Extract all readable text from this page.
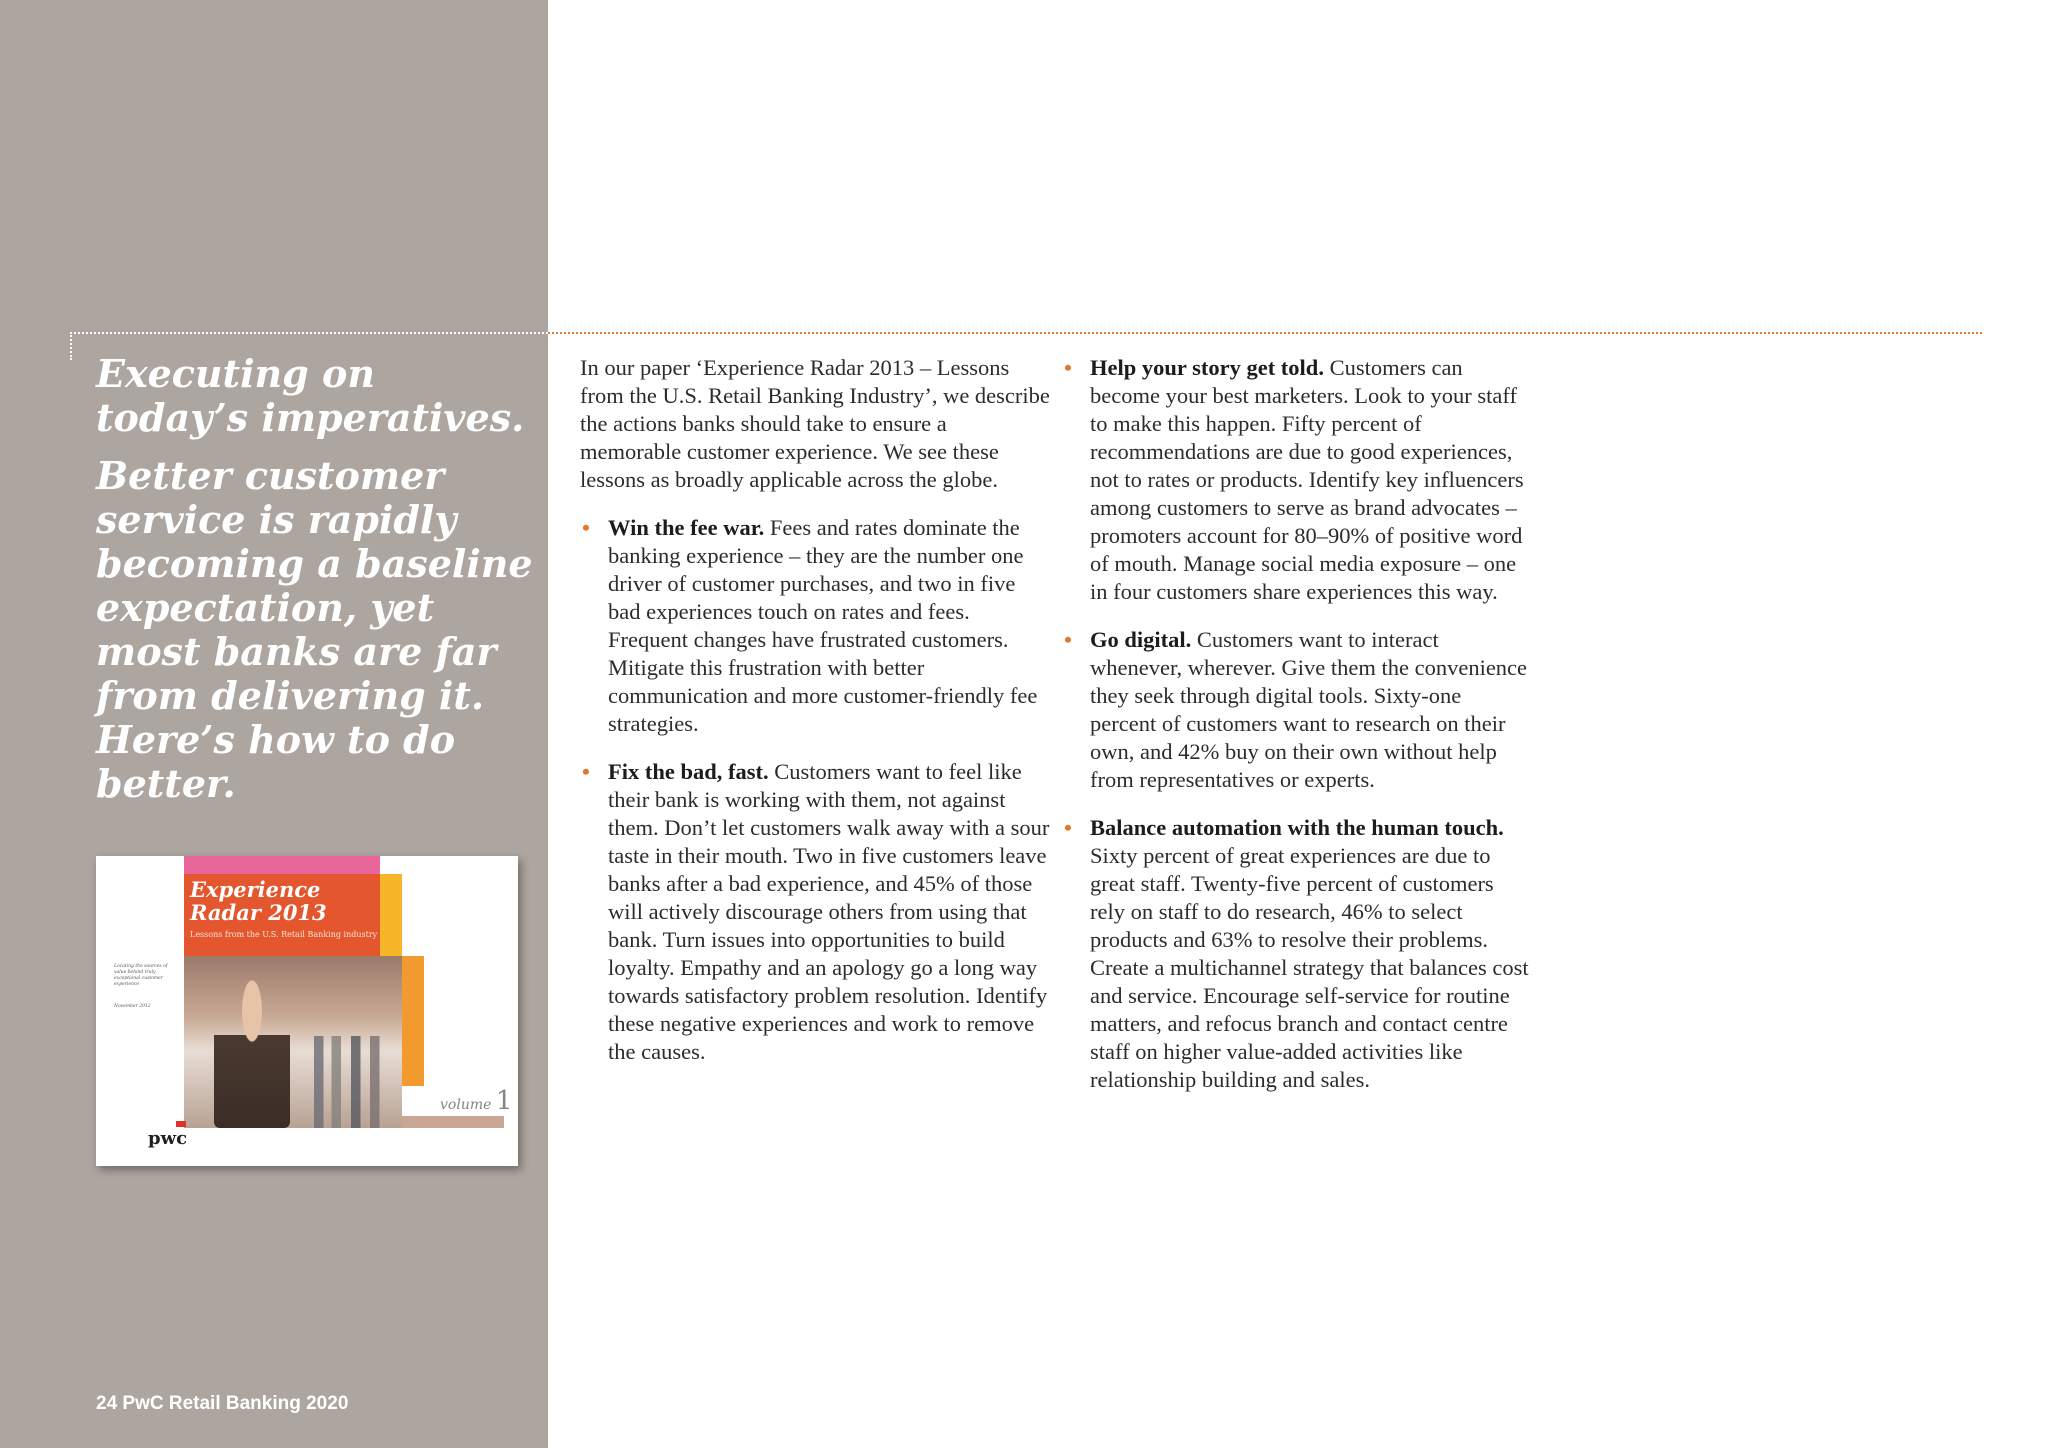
Executing on today’s imperatives.

Better customer service is rapidly becoming a baseline expectation, yet most banks are far from delivering it. Here’s how to do better.

Experience Radar 2013
Lessons from the U.S. Retail Banking industry
Locating the sources of value behind truly exceptional customer experience
November 2012
volume 1
pwc
24 PwC Retail Banking 2020

In our paper ‘Experience Radar 2013 – Lessons from the U.S. Retail Banking Industry’, we describe the actions banks should take to ensure a memorable customer experience. We see these lessons as broadly applicable across the globe.

• Win the fee war. Fees and rates dominate the banking experience – they are the number one driver of customer purchases, and two in five bad experiences touch on rates and fees. Frequent changes have frustrated customers. Mitigate this frustration with better communication and more customer-friendly fee strategies.
• Fix the bad, fast. Customers want to feel like their bank is working with them, not against them. Don’t let customers walk away with a sour taste in their mouth. Two in five customers leave banks after a bad experience, and 45% of those will actively discourage others from using that bank. Turn issues into opportunities to build loyalty. Empathy and an apology go a long way towards satisfactory problem resolution. Identify these negative experiences and work to remove the causes.
• Help your story get told. Customers can become your best marketers. Look to your staff to make this happen. Fifty percent of recommendations are due to good experiences, not to rates or products. Identify key influencers among customers to serve as brand advocates – promoters account for 80–90% of positive word of mouth. Manage social media exposure – one in four customers share experiences this way.
• Go digital. Customers want to interact whenever, wherever. Give them the convenience they seek through digital tools. Sixty-one percent of customers want to research on their own, and 42% buy on their own without help from representatives or experts.
• Balance automation with the human touch. Sixty percent of great experiences are due to great staff. Twenty-five percent of customers rely on staff to do research, 46% to select products and 63% to resolve their problems. Create a multichannel strategy that balances cost and service. Encourage self-service for routine matters, and refocus branch and contact centre staff on higher value-added activities like relationship building and sales.
